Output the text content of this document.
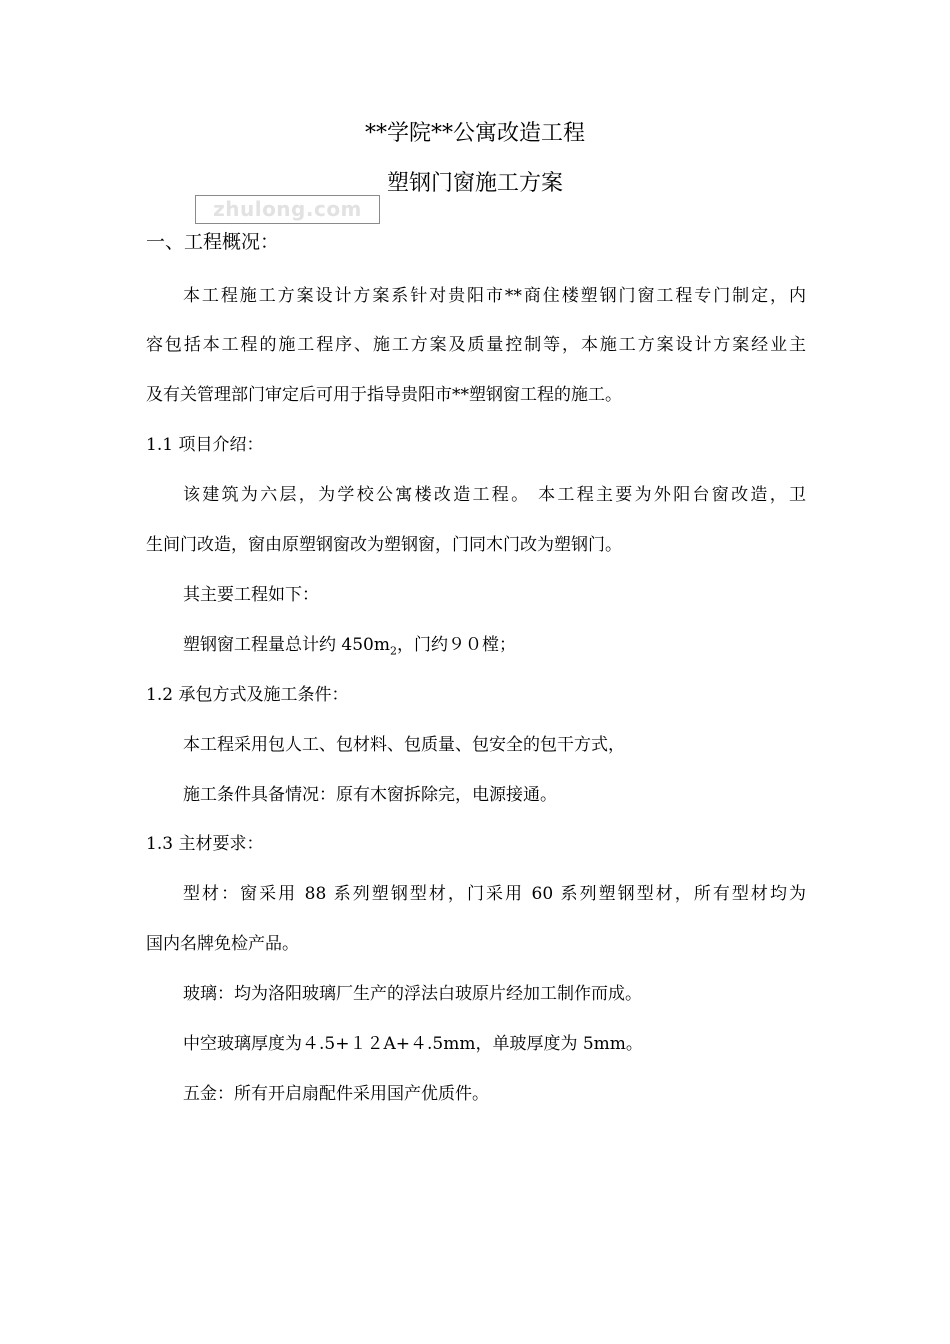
**学院**公寓改造工程
塑钢门窗施工方案
zhulong.com
一、工程概况：
本工程施工方案设计方案系针对贵阳市**商住楼塑钢门窗工程专门制定，内
容包括本工程的施工程序、施工方案及质量控制等，本施工方案设计方案经业主
及有关管理部门审定后可用于指导贵阳市**塑钢窗工程的施工。
1.1 项目介绍：
该建筑为六层，为学校公寓楼改造工程。 本工程主要为外阳台窗改造，卫
生间门改造，窗由原塑钢窗改为塑钢窗，门同木门改为塑钢门。
其主要工程如下：
塑钢窗工程量总计约 $450m_2$，门约９０樘；
1.2 承包方式及施工条件：
本工程采用包人工、包材料、包质量、包安全的包干方式，
施工条件具备情况：原有木窗拆除完，电源接通。
1.3 主材要求：
型材：窗采用 88 系列塑钢型材，门采用 60 系列塑钢型材，所有型材均为
国内名牌免检产品。
玻璃：均为洛阳玻璃厂生产的浮法白玻原片经加工制作而成。
中空玻璃厚度为４.5+１２A+４.5mm，单玻厚度为 5mm。
五金：所有开启扇配件采用国产优质件。
